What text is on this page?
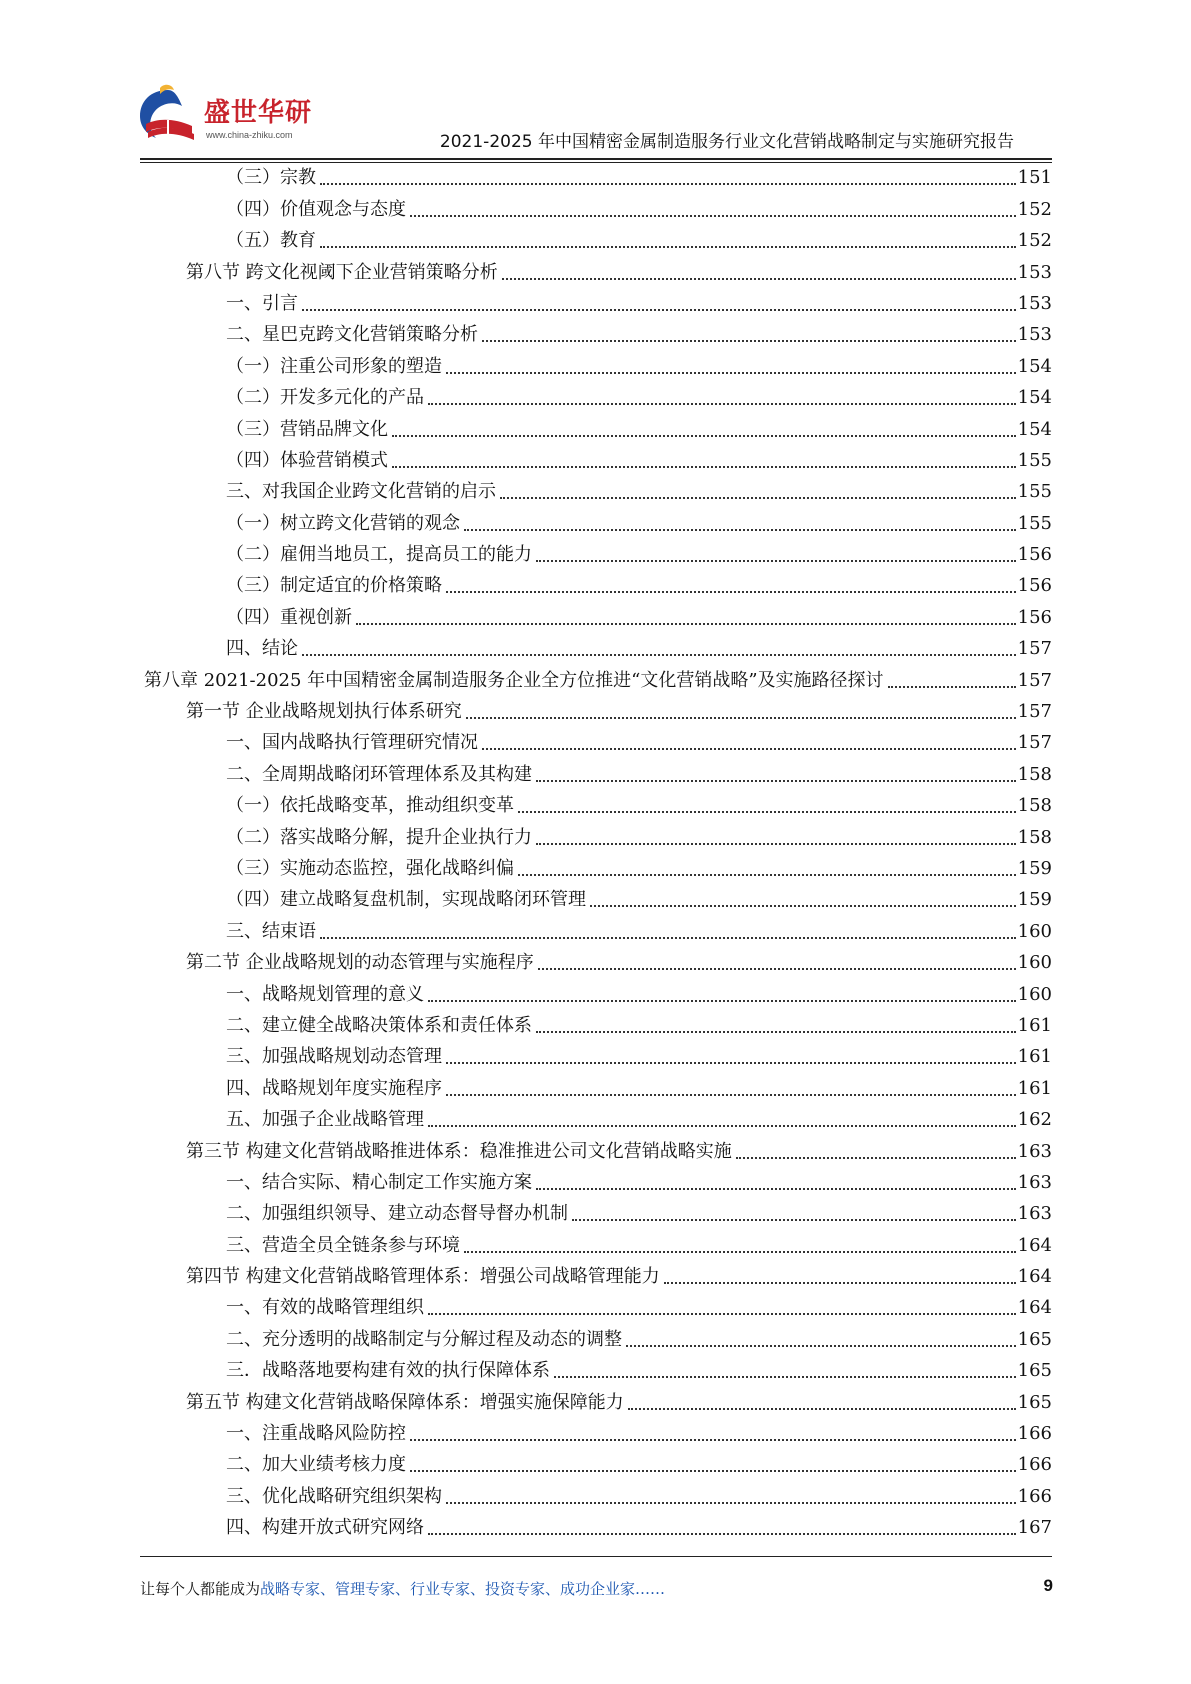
盛世华研
www.china-zhiku.com	2021-2025 年中国精密金属制造服务行业文化营销战略制定与实施研究报告
（三）宗教	151
（四）价值观念与态度	152
（五）教育	152
第八节 跨文化视阈下企业营销策略分析	153
一、引言	153
二、星巴克跨文化营销策略分析	153
（一）注重公司形象的塑造	154
（二）开发多元化的产品	154
（三）营销品牌文化	154
（四）体验营销模式	155
三、对我国企业跨文化营销的启示	155
（一）树立跨文化营销的观念	155
（二）雇佣当地员工，提高员工的能力	156
（三）制定适宜的价格策略	156
（四）重视创新	156
四、结论	157
第八章 2021-2025 年中国精密金属制造服务企业全方位推进“文化营销战略”及实施路径探讨	157
第一节 企业战略规划执行体系研究	157
一、国内战略执行管理研究情况	157
二、全周期战略闭环管理体系及其构建	158
（一）依托战略变革，推动组织变革	158
（二）落实战略分解，提升企业执行力	158
（三）实施动态监控，强化战略纠偏	159
（四）建立战略复盘机制，实现战略闭环管理	159
三、结束语	160
第二节 企业战略规划的动态管理与实施程序	160
一、战略规划管理的意义	160
二、建立健全战略决策体系和责任体系	161
三、加强战略规划动态管理	161
四、战略规划年度实施程序	161
五、加强子企业战略管理	162
第三节 构建文化营销战略推进体系：稳准推进公司文化营销战略实施	163
一、结合实际、精心制定工作实施方案	163
二、加强组织领导、建立动态督导督办机制	163
三、营造全员全链条参与环境	164
第四节 构建文化营销战略管理体系：增强公司战略管理能力	164
一、有效的战略管理组织	164
二、充分透明的战略制定与分解过程及动态的调整	165
三．战略落地要构建有效的执行保障体系	165
第五节 构建文化营销战略保障体系：增强实施保障能力	165
一、注重战略风险防控	166
二、加大业绩考核力度	166
三、优化战略研究组织架构	166
四、构建开放式研究网络	167
让每个人都能成为战略专家、管理专家、行业专家、投资专家、成功企业家……	9
